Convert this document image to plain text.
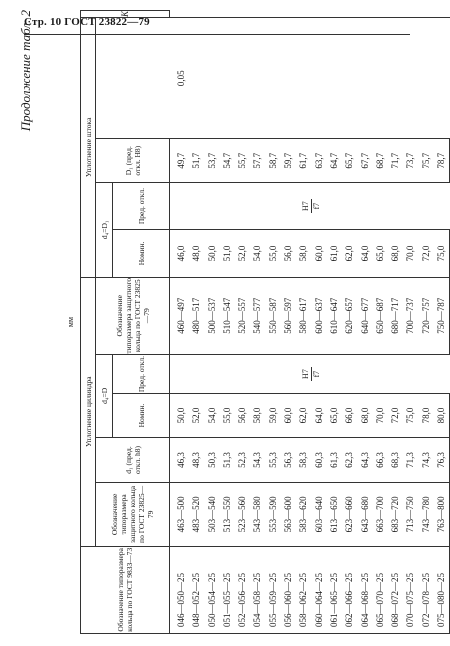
Стр. 10 ГОСТ 23822—79
Продолжение табл. 2
мм
Обозначение типоразмера кольца по ГОСТ 9833—73	Уплотнение цилиндра					Уплотнение штока				K
	Обозначение типоразмера защитного кольца по ГОСТ 23825—79	d₁ (пред. откл. h8)	d₄=D		Обозначение типоразмера защитного кольца по ГОСТ 23825—79	d₄=D₁		D₁ (пред. откл. H8)		
			Номин.	Пред. откл.		Номин.	Пред. откл.			
046—050—25	463—500	46,3	50,0	H7 f7	460—497	46,0	H7 f7	49,7	0,05	
048—052—25	483—520	48,3	52,0		480—517	48,0		51,7		
050—054—25	503—540	50,3	54,0		500—537	50,0		53,7		
051—055—25	513—550	51,3	55,0		510—547	51,0		54,7		
052—056—25	523—560	52,3	56,0		520—557	52,0		55,7		
054—058—25	543—580	54,3	58,0		540—577	54,0		57,7		
055—059—25	553—590	55,3	59,0		550—587	55,0		58,7		
056—060—25	563—600	56,3	60,0		560—597	56,0		59,7		
058—062—25	583—620	58,3	62,0		580—617	58,0		61,7		
060—064—25	603—640	60,3	64,0		600—637	60,0		63,7		
061—065—25	613—650	61,3	65,0		610—647	61,0		64,7		
062—066—25	623—660	62,3	66,0		620—657	62,0		65,7		
064—068—25	643—680	64,3	68,0		640—677	64,0		67,7		
065—070—25	663—700	66,3	70,0		650—687	65,0		68,7		
068—072—25	683—720	68,3	72,0		680—717	68,0		71,7		
070—075—25	713—750	71,3	75,0		700—737	70,0		73,7		
072—078—25	743—780	74,3	78,0		720—757	72,0		75,7		
075—080—25	763—800	76,3	80,0		750—787	75,0		78,7		
